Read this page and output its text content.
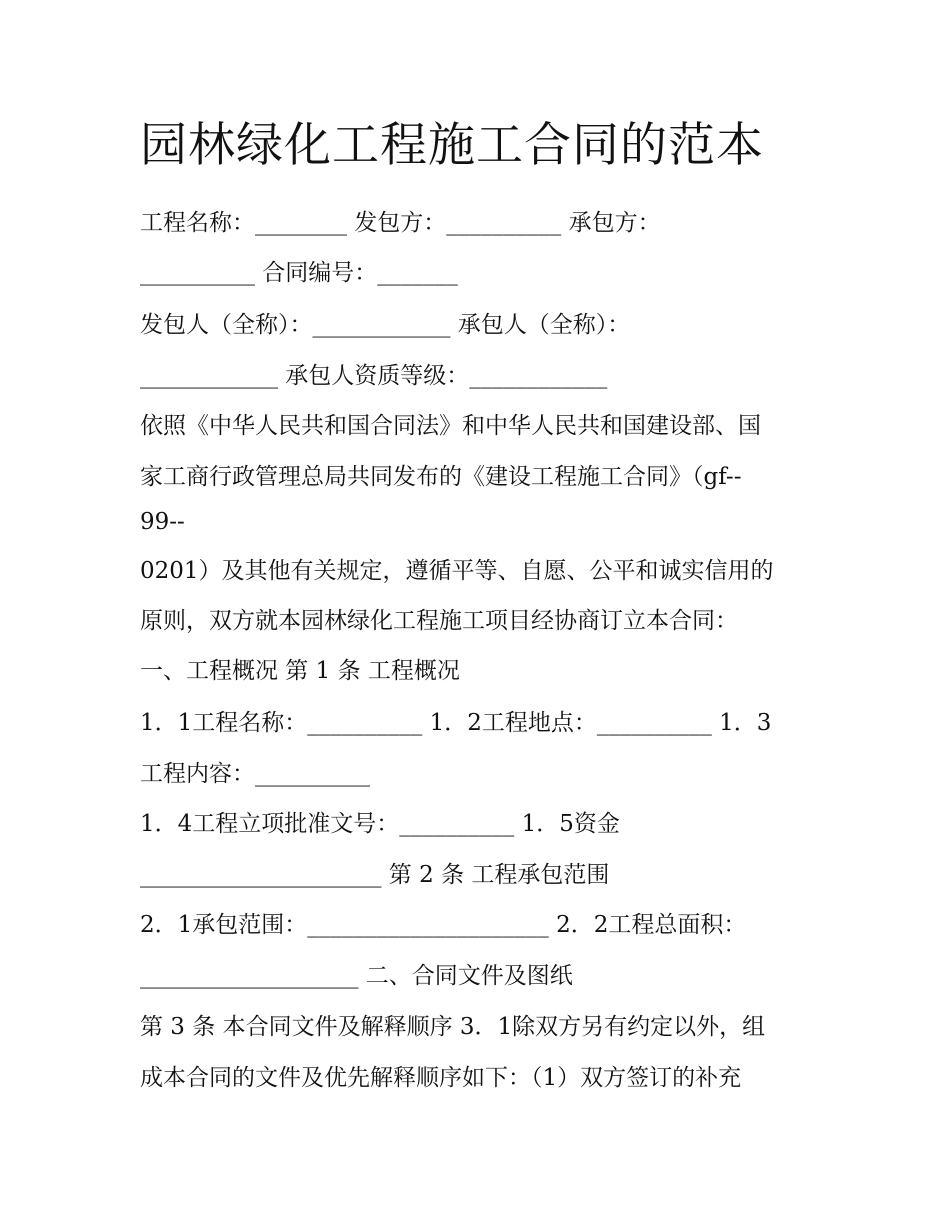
园林绿化工程施工合同的范本
工程名称：________ 发包方：__________ 承包方：
__________ 合同编号：_______
发包人（全称）：____________ 承包人（全称）：
____________ 承包人资质等级：____________
依照《中华人民共和国合同法》和中华人民共和国建设部、国
家工商行政管理总局共同发布的《建设工程施工合同》（gf--
99--
0201）及其他有关规定，遵循平等、自愿、公平和诚实信用的
原则，双方就本园林绿化工程施工项目经协商订立本合同：
一、工程概况 第 1 条 工程概况
1．1工程名称：__________ 1．2工程地点：__________ 1．3
工程内容：__________
1．4工程立项批准文号：__________ 1．5资金
_____________________ 第 2 条 工程承包范围
2．1承包范围：_____________________ 2．2工程总面积：
___________________ 二、合同文件及图纸
第 3 条 本合同文件及解释顺序 3．1除双方另有约定以外，组
成本合同的文件及优先解释顺序如下：（1）双方签订的补充
